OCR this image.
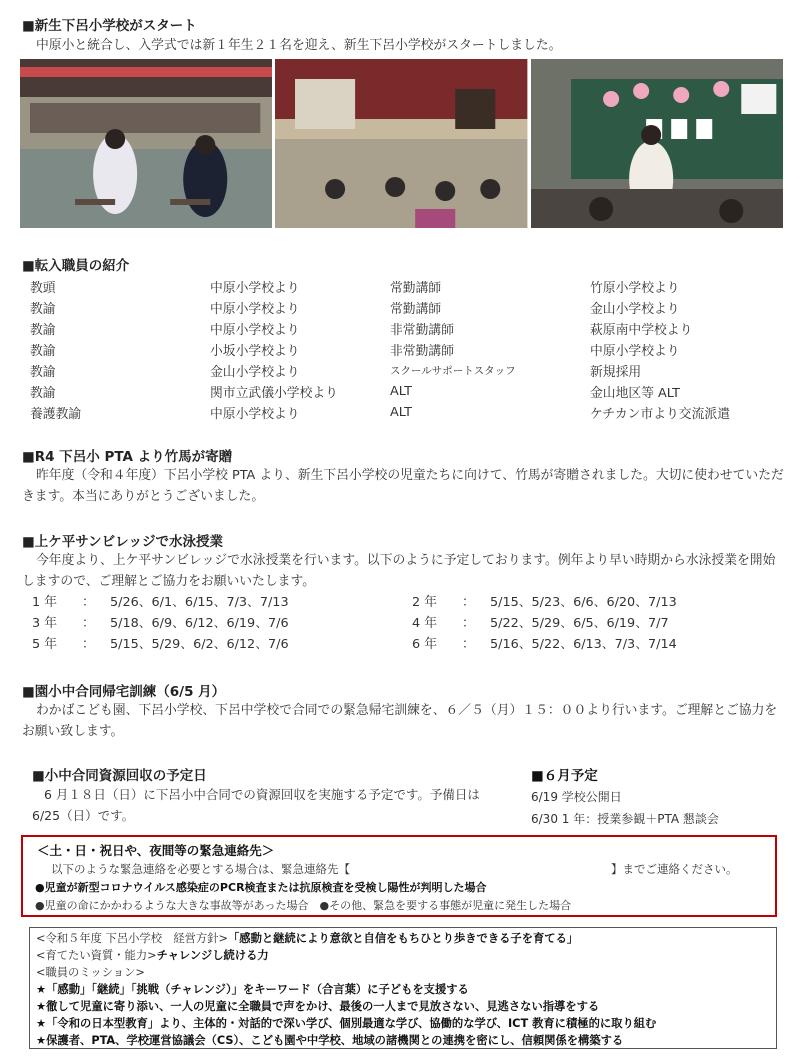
■新生下呂小学校がスタート

中原小と統合し、入学式では新１年生２１名を迎え、新生下呂小学校がスタートしました。

■転入職員の紹介
教頭	中原小学校より	常勤講師	竹原小学校より
教諭	中原小学校より	常勤講師	金山小学校より
教諭	中原小学校より	非常勤講師	萩原南中学校より
教諭	小坂小学校より	非常勤講師	中原小学校より
教諭	金山小学校より	スクールサポートスタッフ	新規採用
教諭	関市立武儀小学校より	ALT	金山地区等 ALT
養護教諭	中原小学校より	ALT	ケチカン市より交流派遣
■R4 下呂小 PTA より竹馬が寄贈

昨年度（令和４年度）下呂小学校 PTA より、新生下呂小学校の児童たちに向けて、竹馬が寄贈されました。大切に使わせていただきます。本当にありがとうございました。

■上ケ平サンビレッジで水泳授業

今年度より、上ケ平サンビレッジで水泳授業を行います。以下のように予定しております。例年より早い時期から水泳授業を開始しますので、ご理解とご協力をお願いいたします。

1 年 ： 5/26、6/1、6/15、7/3、7/13
3 年 ： 5/18、6/9、6/12、6/19、7/6
5 年 ： 5/15、5/29、6/2、6/12、7/6
2 年 ： 5/15、5/23、6/6、6/20、7/13
4 年 ： 5/22、5/29、6/5、6/19、7/7
6 年 ： 5/16、5/22、6/13、7/3、7/14
■園小中合同帰宅訓練（6/5 月）

わかばこども園、下呂小学校、下呂中学校で合同での緊急帰宅訓練を、６／５（月）１５：００より行います。ご理解とご協力をお願い致します。

■小中合同資源回収の予定日
6 月１８日（日）に下呂小中合同での資源回収を実施する予定です。予備日は
6/25（日）です。
■６月予定
6/19 学校公開日
6/30 1 年：授業参観＋PTA 懇談会
＜土・日・祝日や、夜間等の緊急連絡先＞
以下のような緊急連絡を必要とする場合は、緊急連絡先【	】までご連絡ください。
●児童が新型コロナウイルス感染症のPCR検査または抗原検査を受検し陽性が判明した場合
●児童の命にかかわるような大きな事故等があった場合　●その他、緊急を要する事態が児童に発生した場合
<令和５年度 下呂小学校　経営方針>「感動と継続により意欲と自信をもちひとり歩きできる子を育てる」
<育てたい資質・能力>チャレンジし続ける力
<職員のミッション>
★「感動」「継続」「挑戦（チャレンジ）」をキーワード（合言葉）に子どもを支援する
★徹して児童に寄り添い、一人の児童に全職員で声をかけ、最後の一人まで見放さない、見逃さない指導をする
★「令和の日本型教育」より、主体的・対話的で深い学び、個別最適な学び、協働的な学び、ICT 教育に積極的に取り組む
★保護者、PTA、学校運営協議会（CS）、こども園や中学校、地域の諸機関との連携を密にし、信頼関係を構築する
